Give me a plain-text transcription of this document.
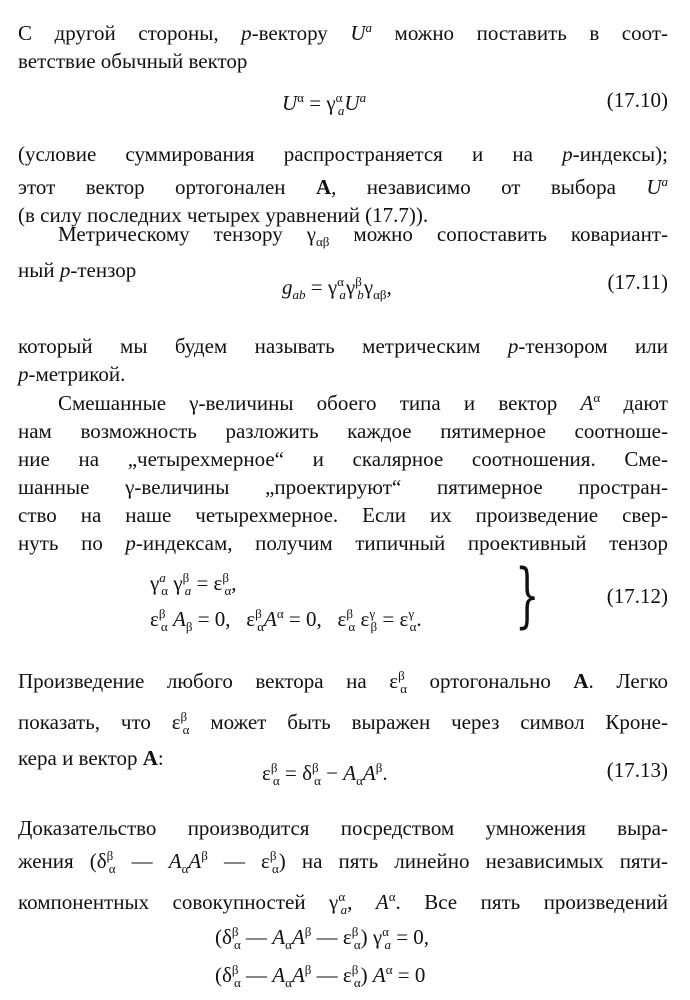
С другой стороны, p-вектору $U^a$ можно поставить в соот-
ветствие обычный вектор
$U^\alpha = \gamma^\alpha_aU^a$	(17.10)
(условие суммирования распространяется и на p-индексы);
этот вектор ортогонален A, независимо от выбора $U^a$
(в силу последних четырех уравнений (17.7)).
Метрическому тензору $\gamma_{\alpha\beta}$ можно сопоставить ковариант-
ный p-тензор
$g_{ab} = \gamma^\alpha_a\gamma^\beta_b\gamma_{\alpha\beta}$,	(17.11)
который мы будем называть метрическим p-тензором или
p-метрикой.
Смешанные γ-величины обоего типа и вектор $A^\alpha$ дают
нам возможность разложить каждое пятимерное соотноше-
ние на „четырехмерное“ и скалярное соотношения. Сме-
шанные γ-величины „проектируют“ пятимерное простран-
ство на наше четырехмерное. Если их произведение свер-
нуть по p-индексам, получим типичный проективный тензор
$\gamma^a_\alpha$ $\gamma^\beta_a = \varepsilon^\beta_\alpha$,
$\varepsilon^\beta_\alpha$ $A_\beta = 0$,   $\varepsilon^\beta_\alpha A^\alpha = 0$,   $\varepsilon^\beta_\alpha$ $\varepsilon^\gamma_\beta = \varepsilon^\gamma_\alpha$. }	(17.12)
Произведение любого вектора на $\varepsilon^\beta_\alpha$ ортогонально A. Легко
показать, что $\varepsilon^\beta_\alpha$ может быть выражен через символ Кроне-
кера и вектор A:
$\varepsilon^\beta_\alpha = \delta^\beta_\alpha - A_\alpha A^\beta$.	(17.13)
Доказательство производится посредством умножения выра-
жения ($\delta^\beta_\alpha$ — $A_\alpha A^\beta$ — $\varepsilon^\beta_\alpha$) на пять линейно независимых пяти-
компонентных совокупностей $\gamma^\alpha_a$, $A^\alpha$. Все пять произведений
($\delta^\beta_\alpha$ — $A_\alpha A^\beta$ — $\varepsilon^\beta_\alpha$) $\gamma^\alpha_a = 0$,
($\delta^\beta_\alpha$ — $A_\alpha A^\beta$ — $\varepsilon^\beta_\alpha$) $A^\alpha = 0$
